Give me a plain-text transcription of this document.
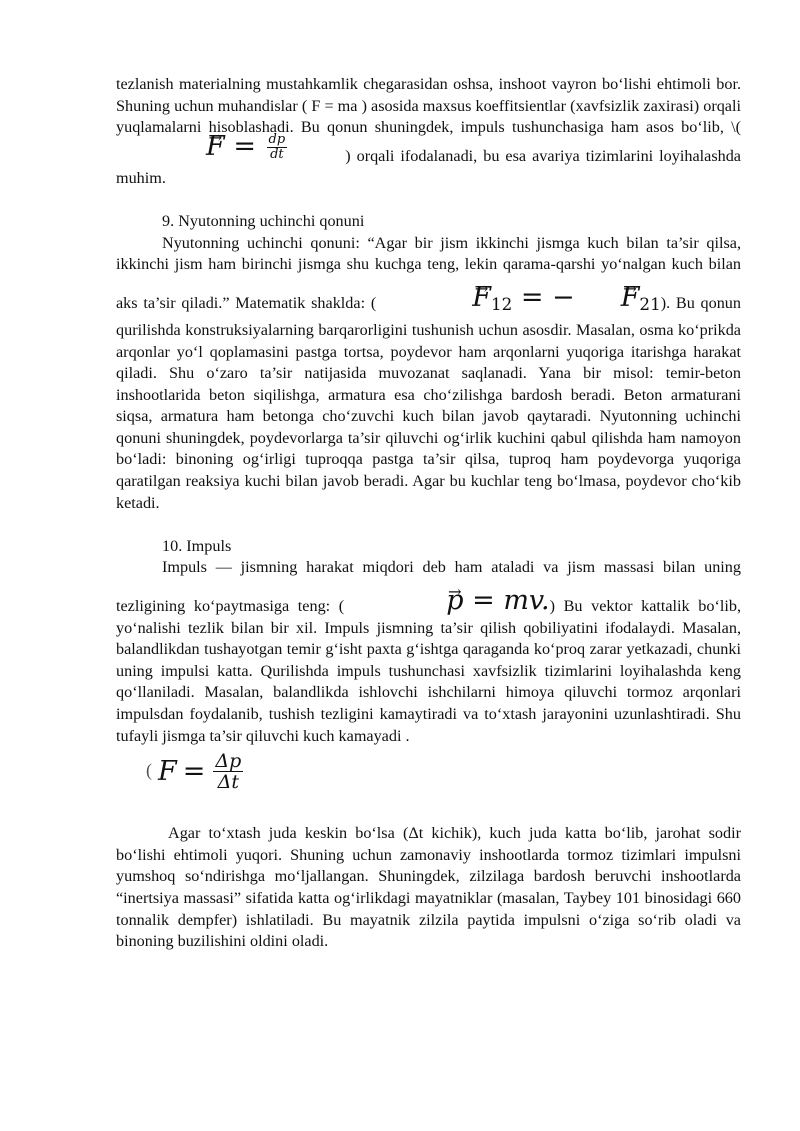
tezlanish materialning mustahkamlik chegarasidan oshsa, inshoot vayron bo‘lishi ehtimoli bor. Shuning uchun muhandislar ( F = ma ) asosida maxsus koeffitsientlar (xavfsizlik zaxirasi) orqali yuqlamalarni hisoblashadi. Bu qonun shuningdek, impuls tushunchasiga ham asos bo‘lib, \(→ $F = \frac{dp}{dt}$	) orqali ifodalanadi, bu esa avariya tizimlarini loyihalashda muhim.

9. Nyutonning uchinchi qonuni

Nyutonning uchinchi qonuni: “Agar bir jism ikkinchi jismga kuch bilan ta’sir qilsa, ikkinchi jism ham birinchi jismga shu kuchga teng, lekin qarama-qarshi yo‘nalgan kuch bilan aks ta’sir qiladi.” Matematik shaklda: (	→ $F_{12}$ = − → $F_{21}$). Bu qonun qurilishda konstruksiyalarning barqarorligini tushunish uchun asosdir. Masalan, osma ko‘prikda arqonlar yo‘l qoplamasini pastga tortsa, poydevor ham arqonlarni yuqoriga itarishga harakat qiladi. Shu o‘zaro ta’sir natijasida muvozanat saqlanadi. Yana bir misol: temir-beton inshootlarida beton siqilishga, armatura esa cho‘zilishga bardosh beradi. Beton armaturani siqsa, armatura ham betonga cho‘zuvchi kuch bilan javob qaytaradi. Nyutonning uchinchi qonuni shuningdek, poydevorlarga ta’sir qiluvchi og‘irlik kuchini qabul qilishda ham namoyon bo‘ladi: binoning og‘irligi tuproqqa pastga ta’sir qilsa, tuproq ham poydevorga yuqoriga qaratilgan reaksiya kuchi bilan javob beradi. Agar bu kuchlar teng bo‘lmasa, poydevor cho‘kib ketadi.

10. Impuls

Impuls — jismning harakat miqdori deb ham ataladi va jism massasi bilan uning tezligining ko‘paytmasiga teng: (	→ p = mv.) Bu vektor kattalik bo‘lib, yo‘nalishi tezlik bilan bir xil. Impuls jismning ta’sir qilish qobiliyatini ifodalaydi. Masalan, balandlikdan tushayotgan temir g‘isht paxta g‘ishtga qaraganda ko‘proq zarar yetkazadi, chunki uning impulsi katta. Qurilishda impuls tushunchasi xavfsizlik tizimlarini loyihalashda keng qo‘llaniladi. Masalan, balandlikda ishlovchi ishchilarni himoya qiluvchi tormoz arqonlari impulsdan foydalanib, tushish tezligini kamaytiradi va to‘xtash jarayonini uzunlashtiradi. Shu tufayli jismga ta’sir qiluvchi kuch kamayadi .

( $F = \frac{\Delta p}{\Delta t}$

Agar to‘xtash juda keskin bo‘lsa (Δt kichik), kuch juda katta bo‘lib, jarohat sodir bo‘lishi ehtimoli yuqori. Shuning uchun zamonaviy inshootlarda tormoz tizimlari impulsni yumshoq so‘ndirishga mo‘ljallangan. Shuningdek, zilzilaga bardosh beruvchi inshootlarda “inertsiya massasi” sifatida katta og‘irlikdagi mayatniklar (masalan, Taybey 101 binosidagi 660 tonnalik dempfer) ishlatiladi. Bu mayatnik zilzila paytida impulsni o‘ziga so‘rib oladi va binoning buzilishini oldini oladi.
